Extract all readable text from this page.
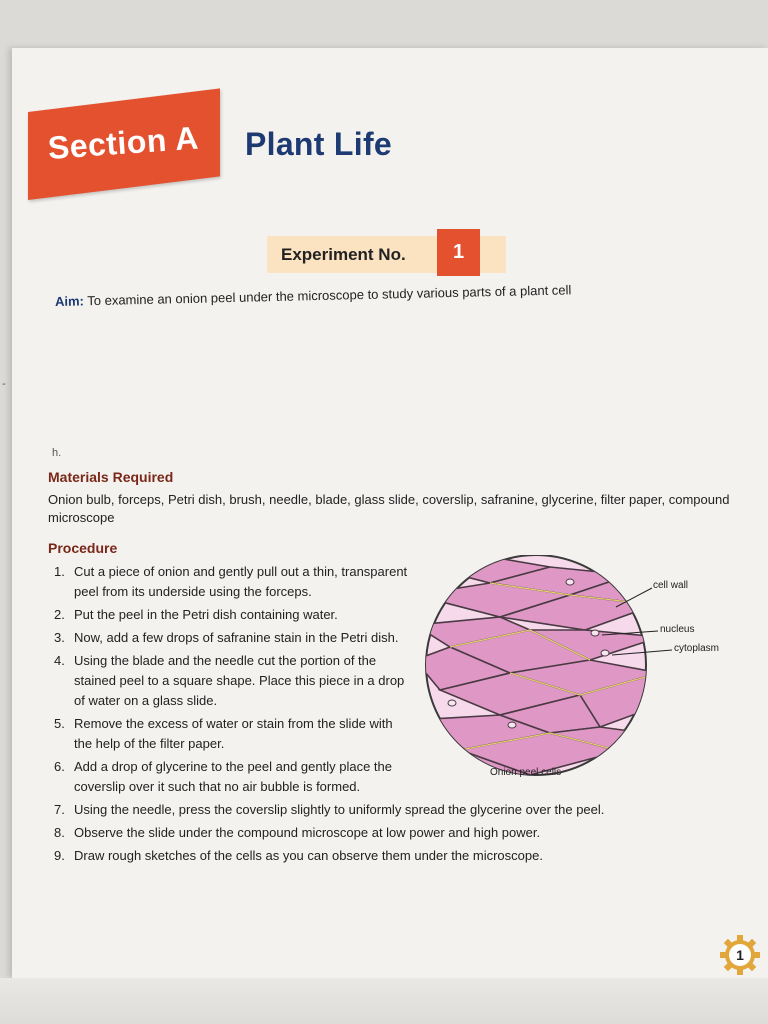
Section A Plant Life
Experiment No.	1
Aim: To examine an onion peel under the microscope to study various parts of a plant cell
h.
-
Materials Required
Onion bulb, forceps, Petri dish, brush, needle, blade, glass slide, coverslip, safranine, glycerine, filter paper, compound microscope
Procedure
1. Cut a piece of onion and gently pull out a thin, transparent peel from its underside using the forceps.
2. Put the peel in the Petri dish containing water.
3. Now, add a few drops of safranine stain in the Petri dish.
4. Using the blade and the needle cut the portion of the stained peel to a square shape. Place this piece in a drop of water on a glass slide.
5. Remove the excess of water or stain from the slide with the help of the filter paper.
6. Add a drop of glycerine to the peel and gently place the coverslip over it such that no air bubble is formed.
7. Using the needle, press the coverslip slightly to uniformly spread the glycerine over the peel.
8. Observe the slide under the compound microscope at low power and high power.
9. Draw rough sketches of the cells as you can observe them under the microscope.
cell wall
nucleus
cytoplasm
Onion peel cells
1
